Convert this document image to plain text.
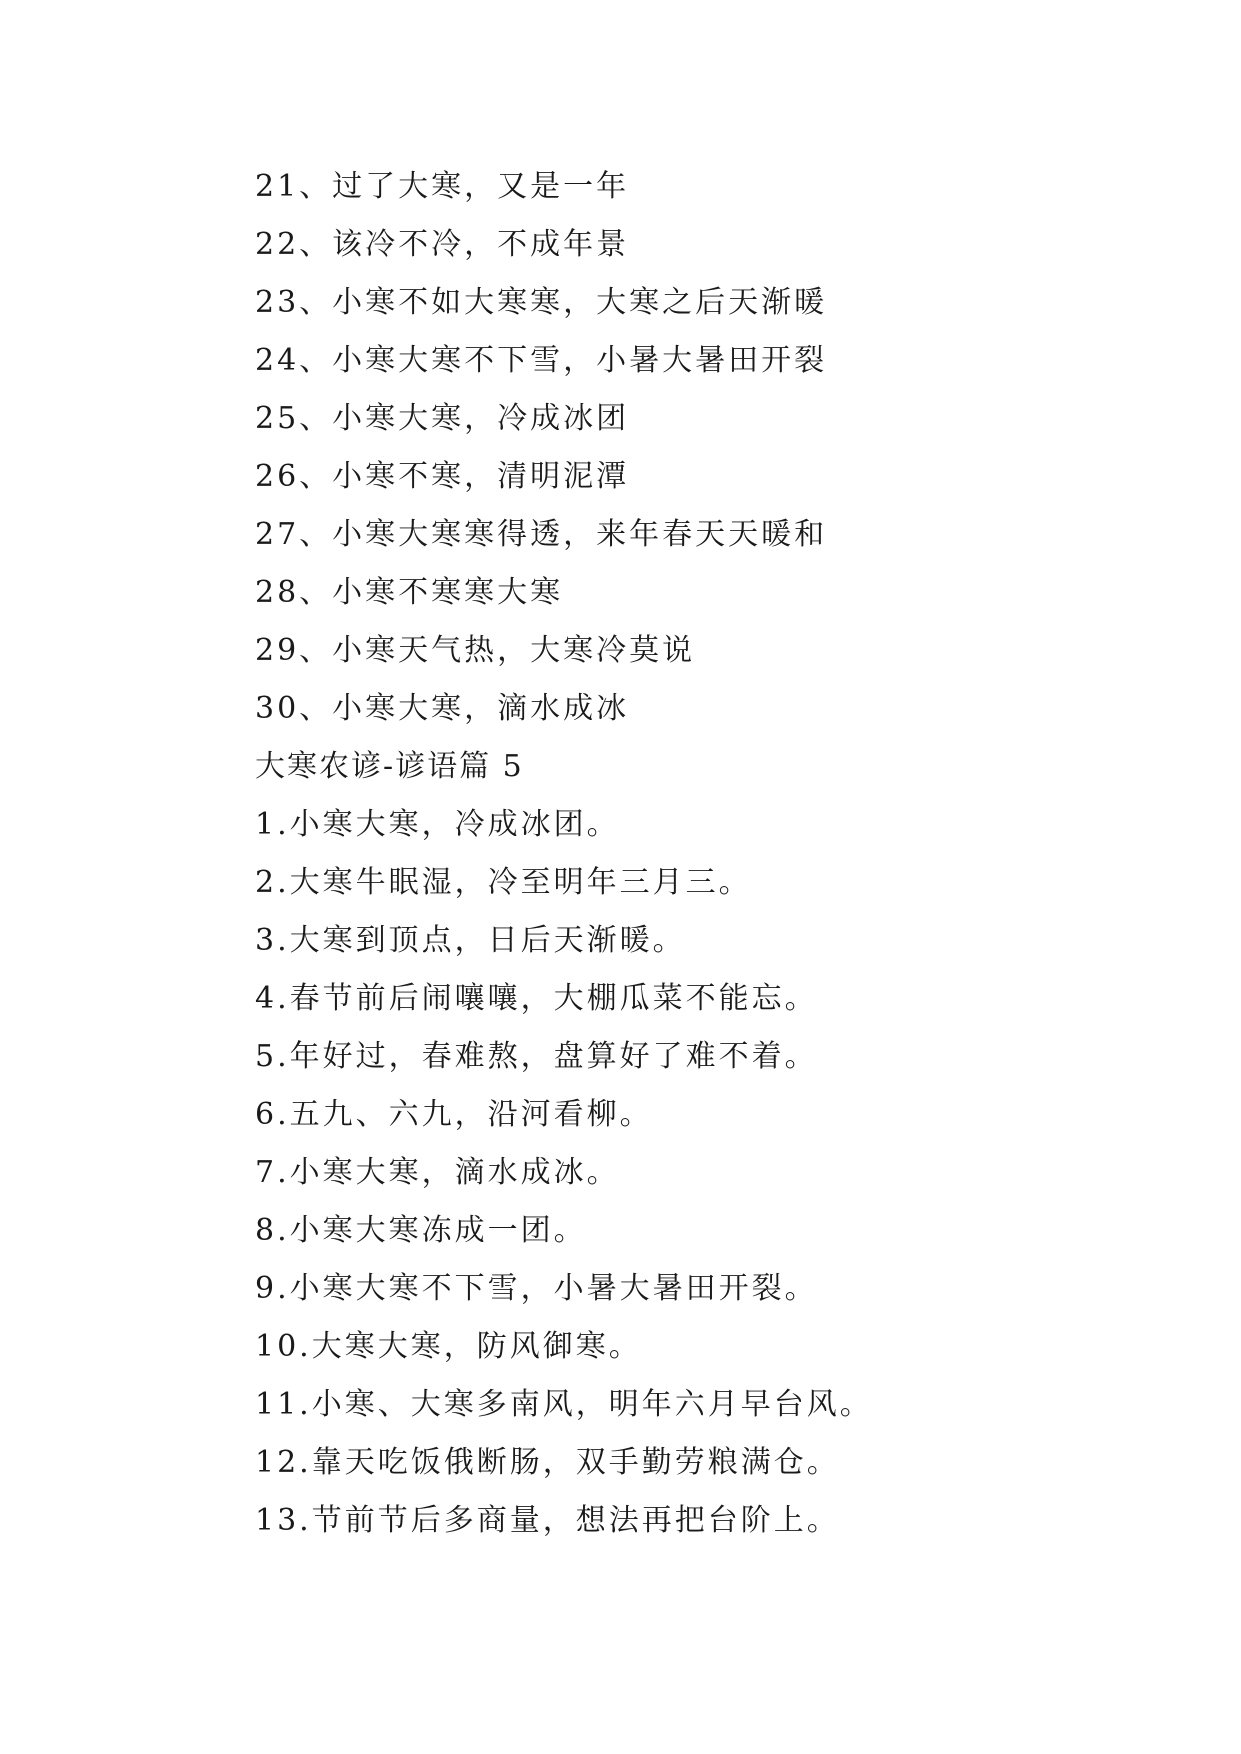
21、过了大寒，又是一年
22、该冷不冷，不成年景
23、小寒不如大寒寒，大寒之后天渐暖
24、小寒大寒不下雪，小暑大暑田开裂
25、小寒大寒，冷成冰团
26、小寒不寒，清明泥潭
27、小寒大寒寒得透，来年春天天暖和
28、小寒不寒寒大寒
29、小寒天气热，大寒冷莫说
30、小寒大寒，滴水成冰
大寒农谚-谚语篇 5
1.小寒大寒，冷成冰团。
2.大寒牛眠湿，冷至明年三月三。
3.大寒到顶点，日后天渐暖。
4.春节前后闹嚷嚷，大棚瓜菜不能忘。
5.年好过，春难熬，盘算好了难不着。
6.五九、六九，沿河看柳。
7.小寒大寒，滴水成冰。
8.小寒大寒冻成一团。
9.小寒大寒不下雪，小暑大暑田开裂。
10.大寒大寒，防风御寒。
11.小寒、大寒多南风，明年六月早台风。
12.靠天吃饭俄断肠，双手勤劳粮满仓。
13.节前节后多商量，想法再把台阶上。
